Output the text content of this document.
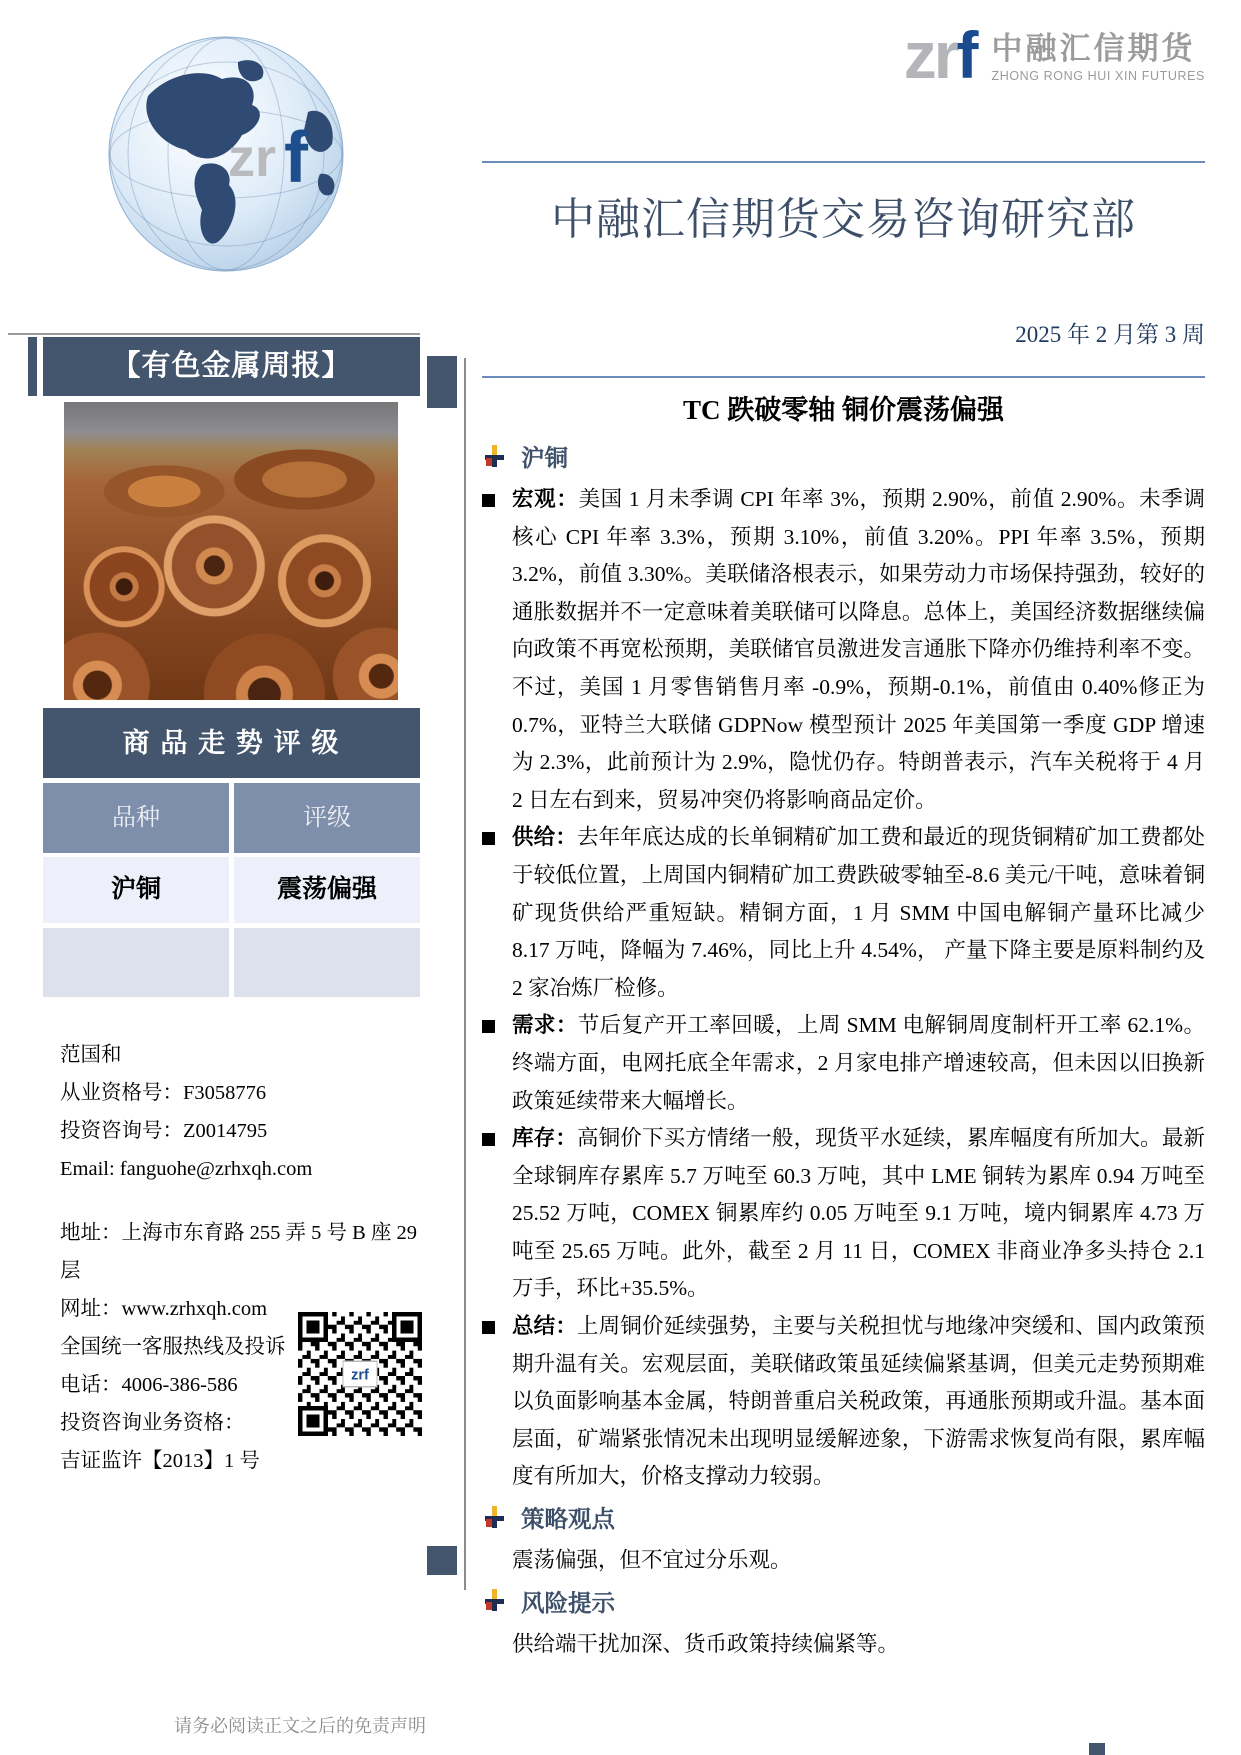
zr f
zrf 中融汇信期货
ZHONG RONG HUI XIN FUTURES
中融汇信期货交易咨询研究部
2025 年 2 月第 3 周
【有色金属周报】
商 品 走 势 评 级
品种	评级
沪铜	震荡偏强
范国和
从业资格号：F3058776
投资咨询号：Z0014795
Email: fanguohe@zrhxqh.com
地址：上海市东育路 255 弄 5 号 B 座 29
层
网址：www.zrhxqh.com
全国统一客服热线及投诉
电话：4006-386-586
投资咨询业务资格：
吉证监许【2013】1 号
zrf
请务必阅读正文之后的免责声明
TC 跌破零轴 铜价震荡偏强
沪铜

宏观：美国 1 月未季调 CPI 年率 3%，预期 2.90%，前值 2.90%。未季调核心 CPI 年率 3.3%，预期 3.10%，前值 3.20%。PPI 年率 3.5%，预期 3.2%，前值 3.30%。美联储洛根表示，如果劳动力市场保持强劲，较好的通胀数据并不一定意味着美联储可以降息。总体上，美国经济数据继续偏向政策不再宽松预期，美联储官员激进发言通胀下降亦仍维持利率不变。不过，美国 1 月零售销售月率 -0.9%，预期-0.1%，前值由 0.40%修正为 0.7%，亚特兰大联储 GDPNow 模型预计 2025 年美国第一季度 GDP 增速为 2.3%，此前预计为 2.9%，隐忧仍存。特朗普表示，汽车关税将于 4 月 2 日左右到来，贸易冲突仍将影响商品定价。

供给：去年年底达成的长单铜精矿加工费和最近的现货铜精矿加工费都处于较低位置，上周国内铜精矿加工费跌破零轴至-8.6 美元/干吨，意味着铜矿现货供给严重短缺。精铜方面，1 月 SMM 中国电解铜产量环比减少 8.17 万吨，降幅为 7.46%，同比上升 4.54%， 产量下降主要是原料制约及 2 家冶炼厂检修。

需求：节后复产开工率回暖，上周 SMM 电解铜周度制杆开工率 62.1%。终端方面，电网托底全年需求，2 月家电排产增速较高，但未因以旧换新政策延续带来大幅增长。

库存：高铜价下买方情绪一般，现货平水延续，累库幅度有所加大。最新全球铜库存累库 5.7 万吨至 60.3 万吨，其中 LME 铜转为累库 0.94 万吨至 25.52 万吨，COMEX 铜累库约 0.05 万吨至 9.1 万吨，境内铜累库 4.73 万吨至 25.65 万吨。此外，截至 2 月 11 日，COMEX 非商业净多头持仓 2.1 万手，环比+35.5%。

总结：上周铜价延续强势，主要与关税担忧与地缘冲突缓和、国内政策预期升温有关。宏观层面，美联储政策虽延续偏紧基调，但美元走势预期难以负面影响基本金属，特朗普重启关税政策，再通胀预期或升温。基本面层面，矿端紧张情况未出现明显缓解迹象，下游需求恢复尚有限，累库幅度有所加大，价格支撑动力较弱。

策略观点

震荡偏强，但不宜过分乐观。

风险提示

供给端干扰加深、货币政策持续偏紧等。
